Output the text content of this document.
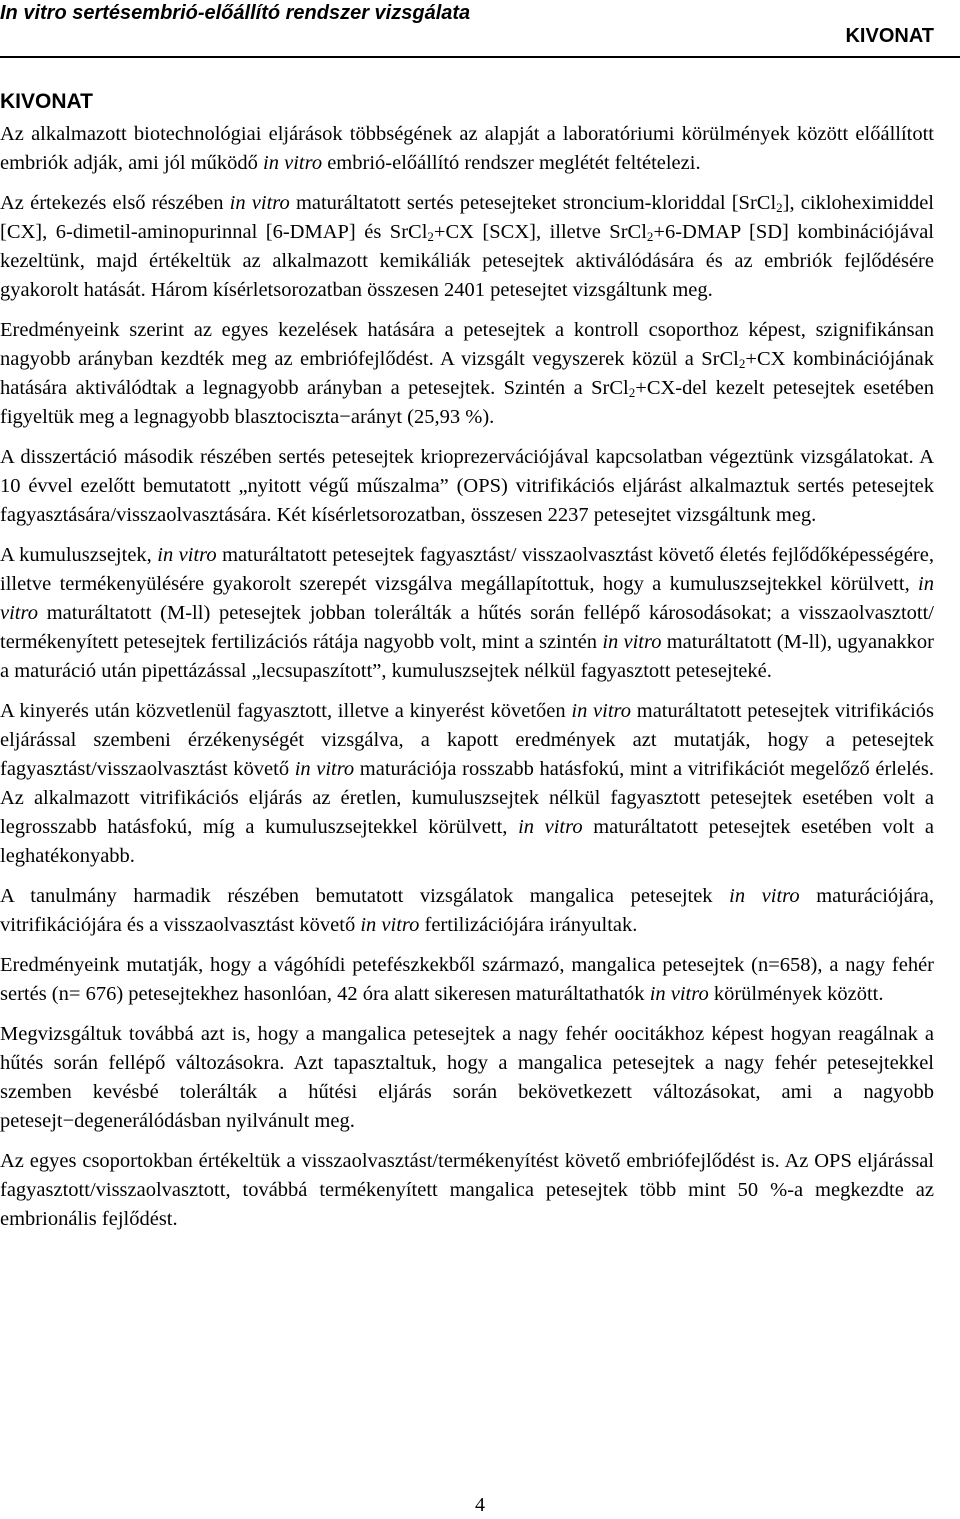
In vitro sertésembrió-előállító rendszer vizsgálata
KIVONAT
KIVONAT
Az alkalmazott biotechnológiai eljárások többségének az alapját a laboratóriumi körülmények között előállított embriók adják, ami jól működő in vitro embrió-előállító rendszer meglétét feltételezi.
Az értekezés első részében in vitro maturáltatott sertés petesejteket stroncium-kloriddal [SrCl$_2$], cikloheximiddel [CX], 6-dimetil-aminopurinnal [6-DMAP] és SrCl$_2$+CX [SCX], illetve SrCl$_2$+6-DMAP [SD] kombinációjával kezeltünk, majd értékeltük az alkalmazott kemikáliák petesejtek aktiválódására és az embriók fejlődésére gyakorolt hatását. Három kísérletsorozatban összesen 2401 petesejtet vizsgáltunk meg.
Eredményeink szerint az egyes kezelések hatására a petesejtek a kontroll csoporthoz képest, szignifikánsan nagyobb arányban kezdték meg az embriófejlődést. A vizsgált vegyszerek közül a SrCl$_2$+CX kombinációjának hatására aktiválódtak a legnagyobb arányban a petesejtek. Szintén a SrCl$_2$+CX-del kezelt petesejtek esetében figyeltük meg a legnagyobb blasztociszta−arányt (25,93 %).
A disszertáció második részében sertés petesejtek krioprezervációjával kapcsolatban végeztünk vizsgálatokat. A 10 évvel ezelőtt bemutatott „nyitott végű műszalma” (OPS) vitrifikációs eljárást alkalmaztuk sertés petesejtek fagyasztására/visszaolvasztására. Két kísérletsorozatban, összesen 2237 petesejtet vizsgáltunk meg.
A kumuluszsejtek, in vitro maturáltatott petesejtek fagyasztást/ visszaolvasztást követő életés fejlődőképességére, illetve termékenyülésére gyakorolt szerepét vizsgálva megállapítottuk, hogy a kumuluszsejtekkel körülvett, in vitro maturáltatott (M-ll) petesejtek jobban tolerálták a hűtés során fellépő károsodásokat; a visszaolvasztott/ termékenyített petesejtek fertilizációs rátája nagyobb volt, mint a szintén in vitro maturáltatott (M-ll), ugyanakkor a maturáció után pipettázással „lecsupaszított”, kumuluszsejtek nélkül fagyasztott petesejteké.
A kinyerés után közvetlenül fagyasztott, illetve a kinyerést követően in vitro maturáltatott petesejtek vitrifikációs eljárással szembeni érzékenységét vizsgálva, a kapott eredmények azt mutatják, hogy a petesejtek fagyasztást/visszaolvasztást követő in vitro maturációja rosszabb hatásfokú, mint a vitrifikációt megelőző érlelés. Az alkalmazott vitrifikációs eljárás az éretlen, kumuluszsejtek nélkül fagyasztott petesejtek esetében volt a legrosszabb hatásfokú, míg a kumuluszsejtekkel körülvett, in vitro maturáltatott petesejtek esetében volt a leghatékonyabb.
A tanulmány harmadik részében bemutatott vizsgálatok mangalica petesejtek in vitro maturációjára, vitrifikációjára és a visszaolvasztást követő in vitro fertilizációjára irányultak.
Eredményeink mutatják, hogy a vágóhídi petefészkekből származó, mangalica petesejtek (n=658), a nagy fehér sertés (n= 676) petesejtekhez hasonlóan, 42 óra alatt sikeresen maturáltathatók in vitro körülmények között.
Megvizsgáltuk továbbá azt is, hogy a mangalica petesejtek a nagy fehér oocitákhoz képest hogyan reagálnak a hűtés során fellépő változásokra. Azt tapasztaltuk, hogy a mangalica petesejtek a nagy fehér petesejtekkel szemben kevésbé tolerálták a hűtési eljárás során bekövetkezett változásokat, ami a nagyobb petesejt−degenerálódásban nyilvánult meg.
Az egyes csoportokban értékeltük a visszaolvasztást/termékenyítést követő embriófejlődést is. Az OPS eljárással fagyasztott/visszaolvasztott, továbbá termékenyített mangalica petesejtek több mint 50 %-a megkezdte az embrionális fejlődést.
4
